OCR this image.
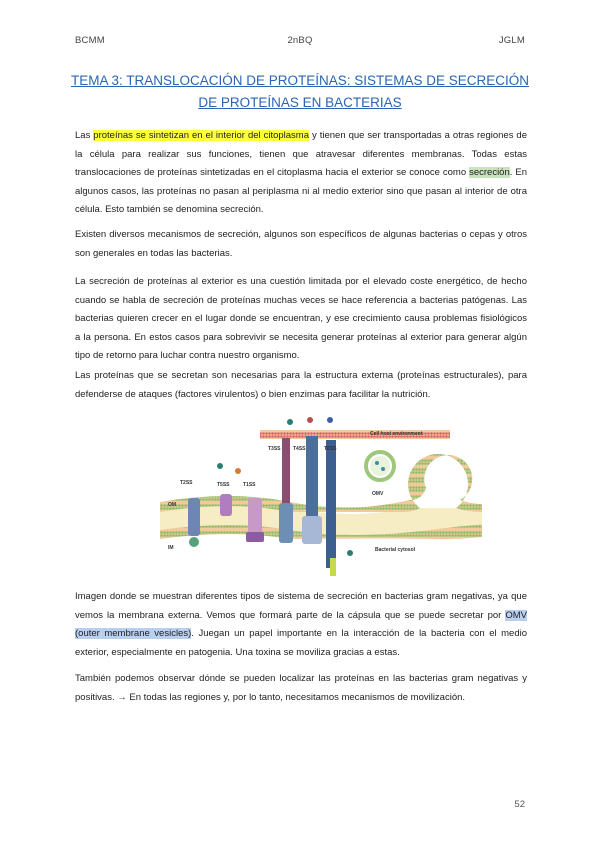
BCMM	2nBQ	JGLM
TEMA 3: TRANSLOCACIÓN DE PROTEÍNAS: SISTEMAS DE SECRECIÓN
DE PROTEÍNAS EN BACTERIAS
Las proteínas se sintetizan en el interior del citoplasma y tienen que ser transportadas a otras regiones de la célula para realizar sus funciones, tienen que atravesar diferentes membranas. Todas estas translocaciones de proteínas sintetizadas en el citoplasma hacia el exterior se conoce como secreción. En algunos casos, las proteínas no pasan al periplasma ni al medio exterior sino que pasan al interior de otra célula. Esto también se denomina secreción.
Existen diversos mecanismos de secreción, algunos son específicos de algunas bacterias o cepas y otros son generales en todas las bacterias.
La secreción de proteínas al exterior es una cuestión limitada por el elevado coste energético, de hecho cuando se habla de secreción de proteínas muchas veces se hace referencia a bacterias patógenas. Las bacterias quieren crecer en el lugar donde se encuentran, y ese crecimiento causa problemas fisiológicos a la persona. En estos casos para sobrevivir se necesita generar proteínas al exterior para generar algún tipo de retorno para luchar contra nuestro organismo.
Las proteínas que se secretan son necesarias para la estructura externa (proteínas estructurales), para defenderse de ataques (factores virulentos) o bien enzimas para facilitar la nutrición.
Cell host environment
T3SS T4SS	T6SS
T2SS	T5SS	T1SS
OMV
OM
IM	Bacterial cytosol
Imagen donde se muestran diferentes tipos de sistema de secreción en bacterias gram negativas, ya que vemos la membrana externa. Vemos que formará parte de la cápsula que se puede secretar por OMV (outer membrane vesicles). Juegan un papel importante en la interacción de la bacteria con el medio exterior, especialmente en patogenia. Una toxina se moviliza gracias a estas.
También podemos observar dónde se pueden localizar las proteínas en las bacterias gram negativas y positivas. → En todas las regiones y, por lo tanto, necesitamos mecanismos de movilización.
52
